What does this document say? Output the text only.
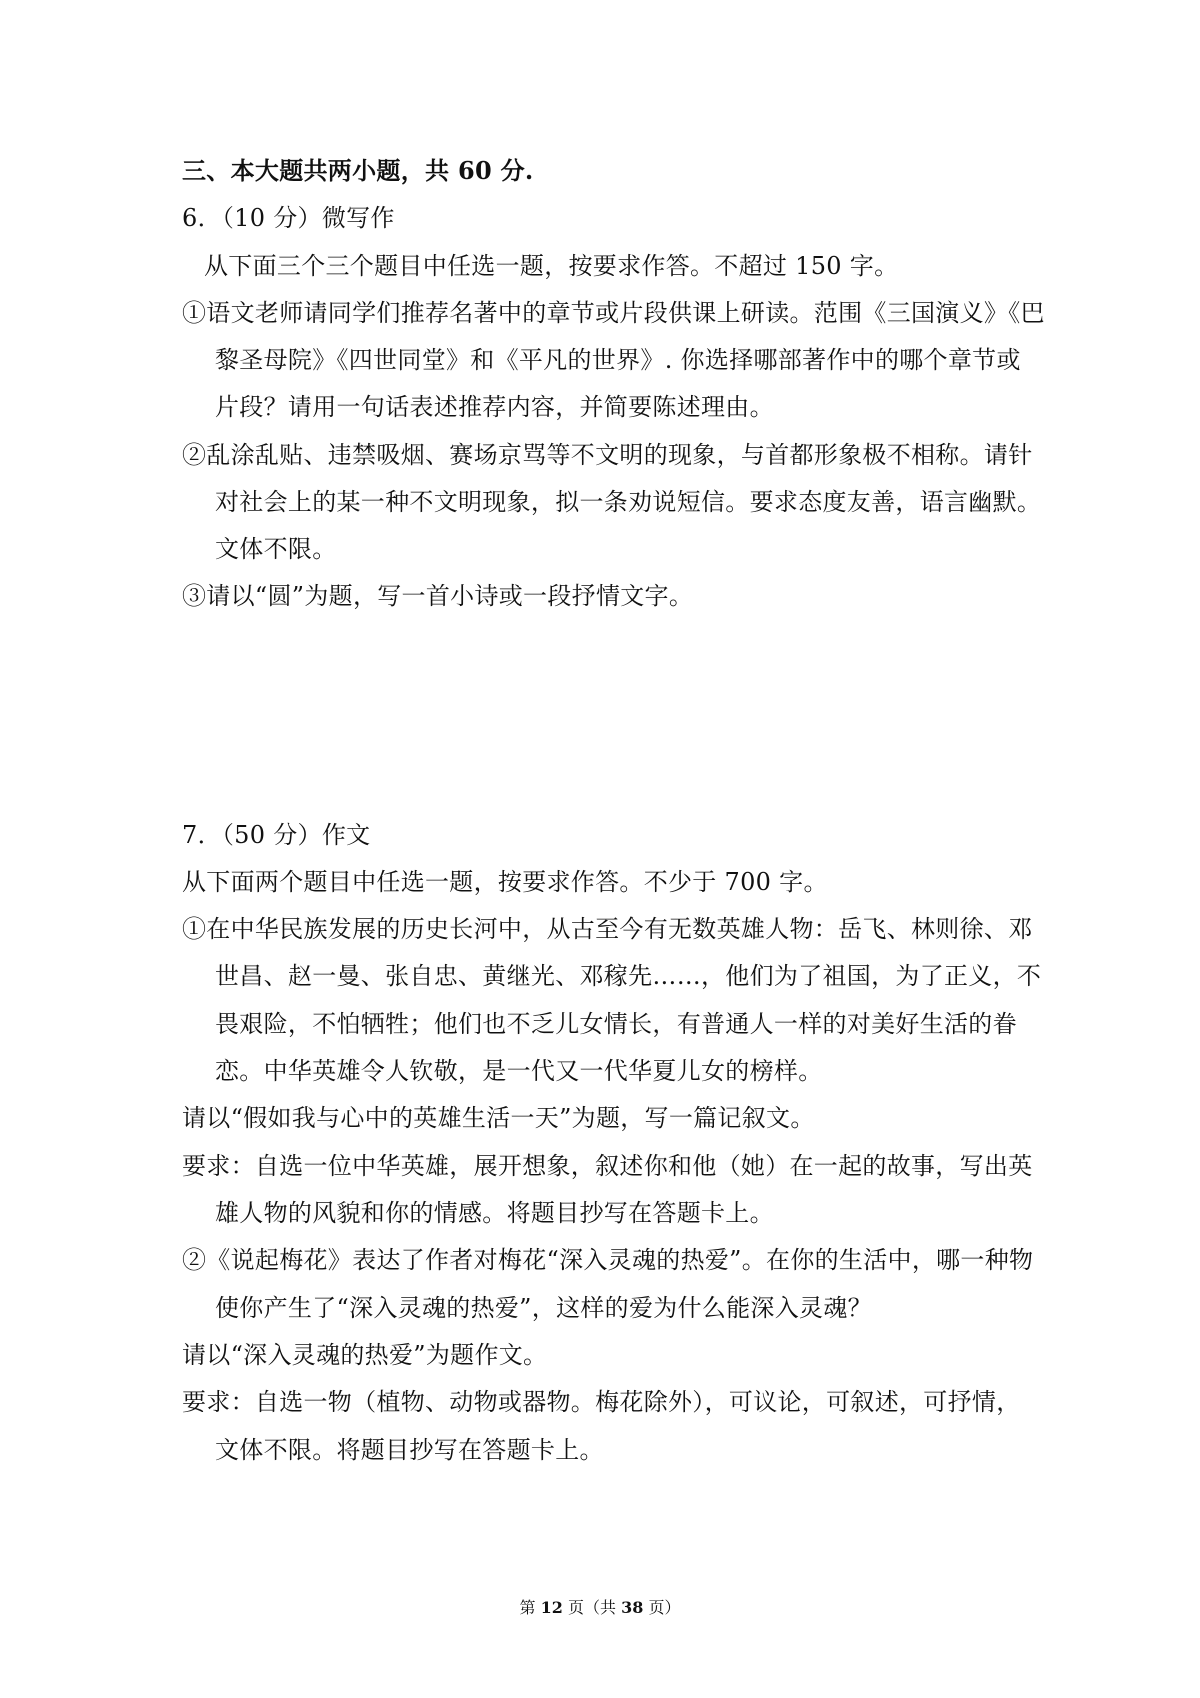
三、本大题共两小题，共 60 分.
6．（10 分）微写作
从下面三个三个题目中任选一题，按要求作答。不超过 150 字。
①语文老师请同学们推荐名著中的章节或片段供课上研读。范围《三国演义》《巴
黎圣母院》《四世同堂》和《平凡的世界》. 你选择哪部著作中的哪个章节或
片段？请用一句话表述推荐内容，并简要陈述理由。
②乱涂乱贴、违禁吸烟、赛场京骂等不文明的现象，与首都形象极不相称。请针
对社会上的某一种不文明现象，拟一条劝说短信。要求态度友善，语言幽默。
文体不限。
③请以“圆”为题，写一首小诗或一段抒情文字。
7．（50 分）作文
从下面两个题目中任选一题，按要求作答。不少于 700 字。
①在中华民族发展的历史长河中，从古至今有无数英雄人物：岳飞、林则徐、邓
世昌、赵一曼、张自忠、黄继光、邓稼先……，他们为了祖国，为了正义，不
畏艰险，不怕牺牲；他们也不乏儿女情长，有普通人一样的对美好生活的眷
恋。中华英雄令人钦敬，是一代又一代华夏儿女的榜样。
请以“假如我与心中的英雄生活一天”为题，写一篇记叙文。
要求：自选一位中华英雄，展开想象，叙述你和他（她）在一起的故事，写出英
雄人物的风貌和你的情感。将题目抄写在答题卡上。
②《说起梅花》表达了作者对梅花“深入灵魂的热爱”。在你的生活中，哪一种物
使你产生了“深入灵魂的热爱”，这样的爱为什么能深入灵魂？
请以“深入灵魂的热爱”为题作文。
要求：自选一物（植物、动物或器物。梅花除外），可议论，可叙述，可抒情，
文体不限。将题目抄写在答题卡上。
第 12 页（共 38 页）
